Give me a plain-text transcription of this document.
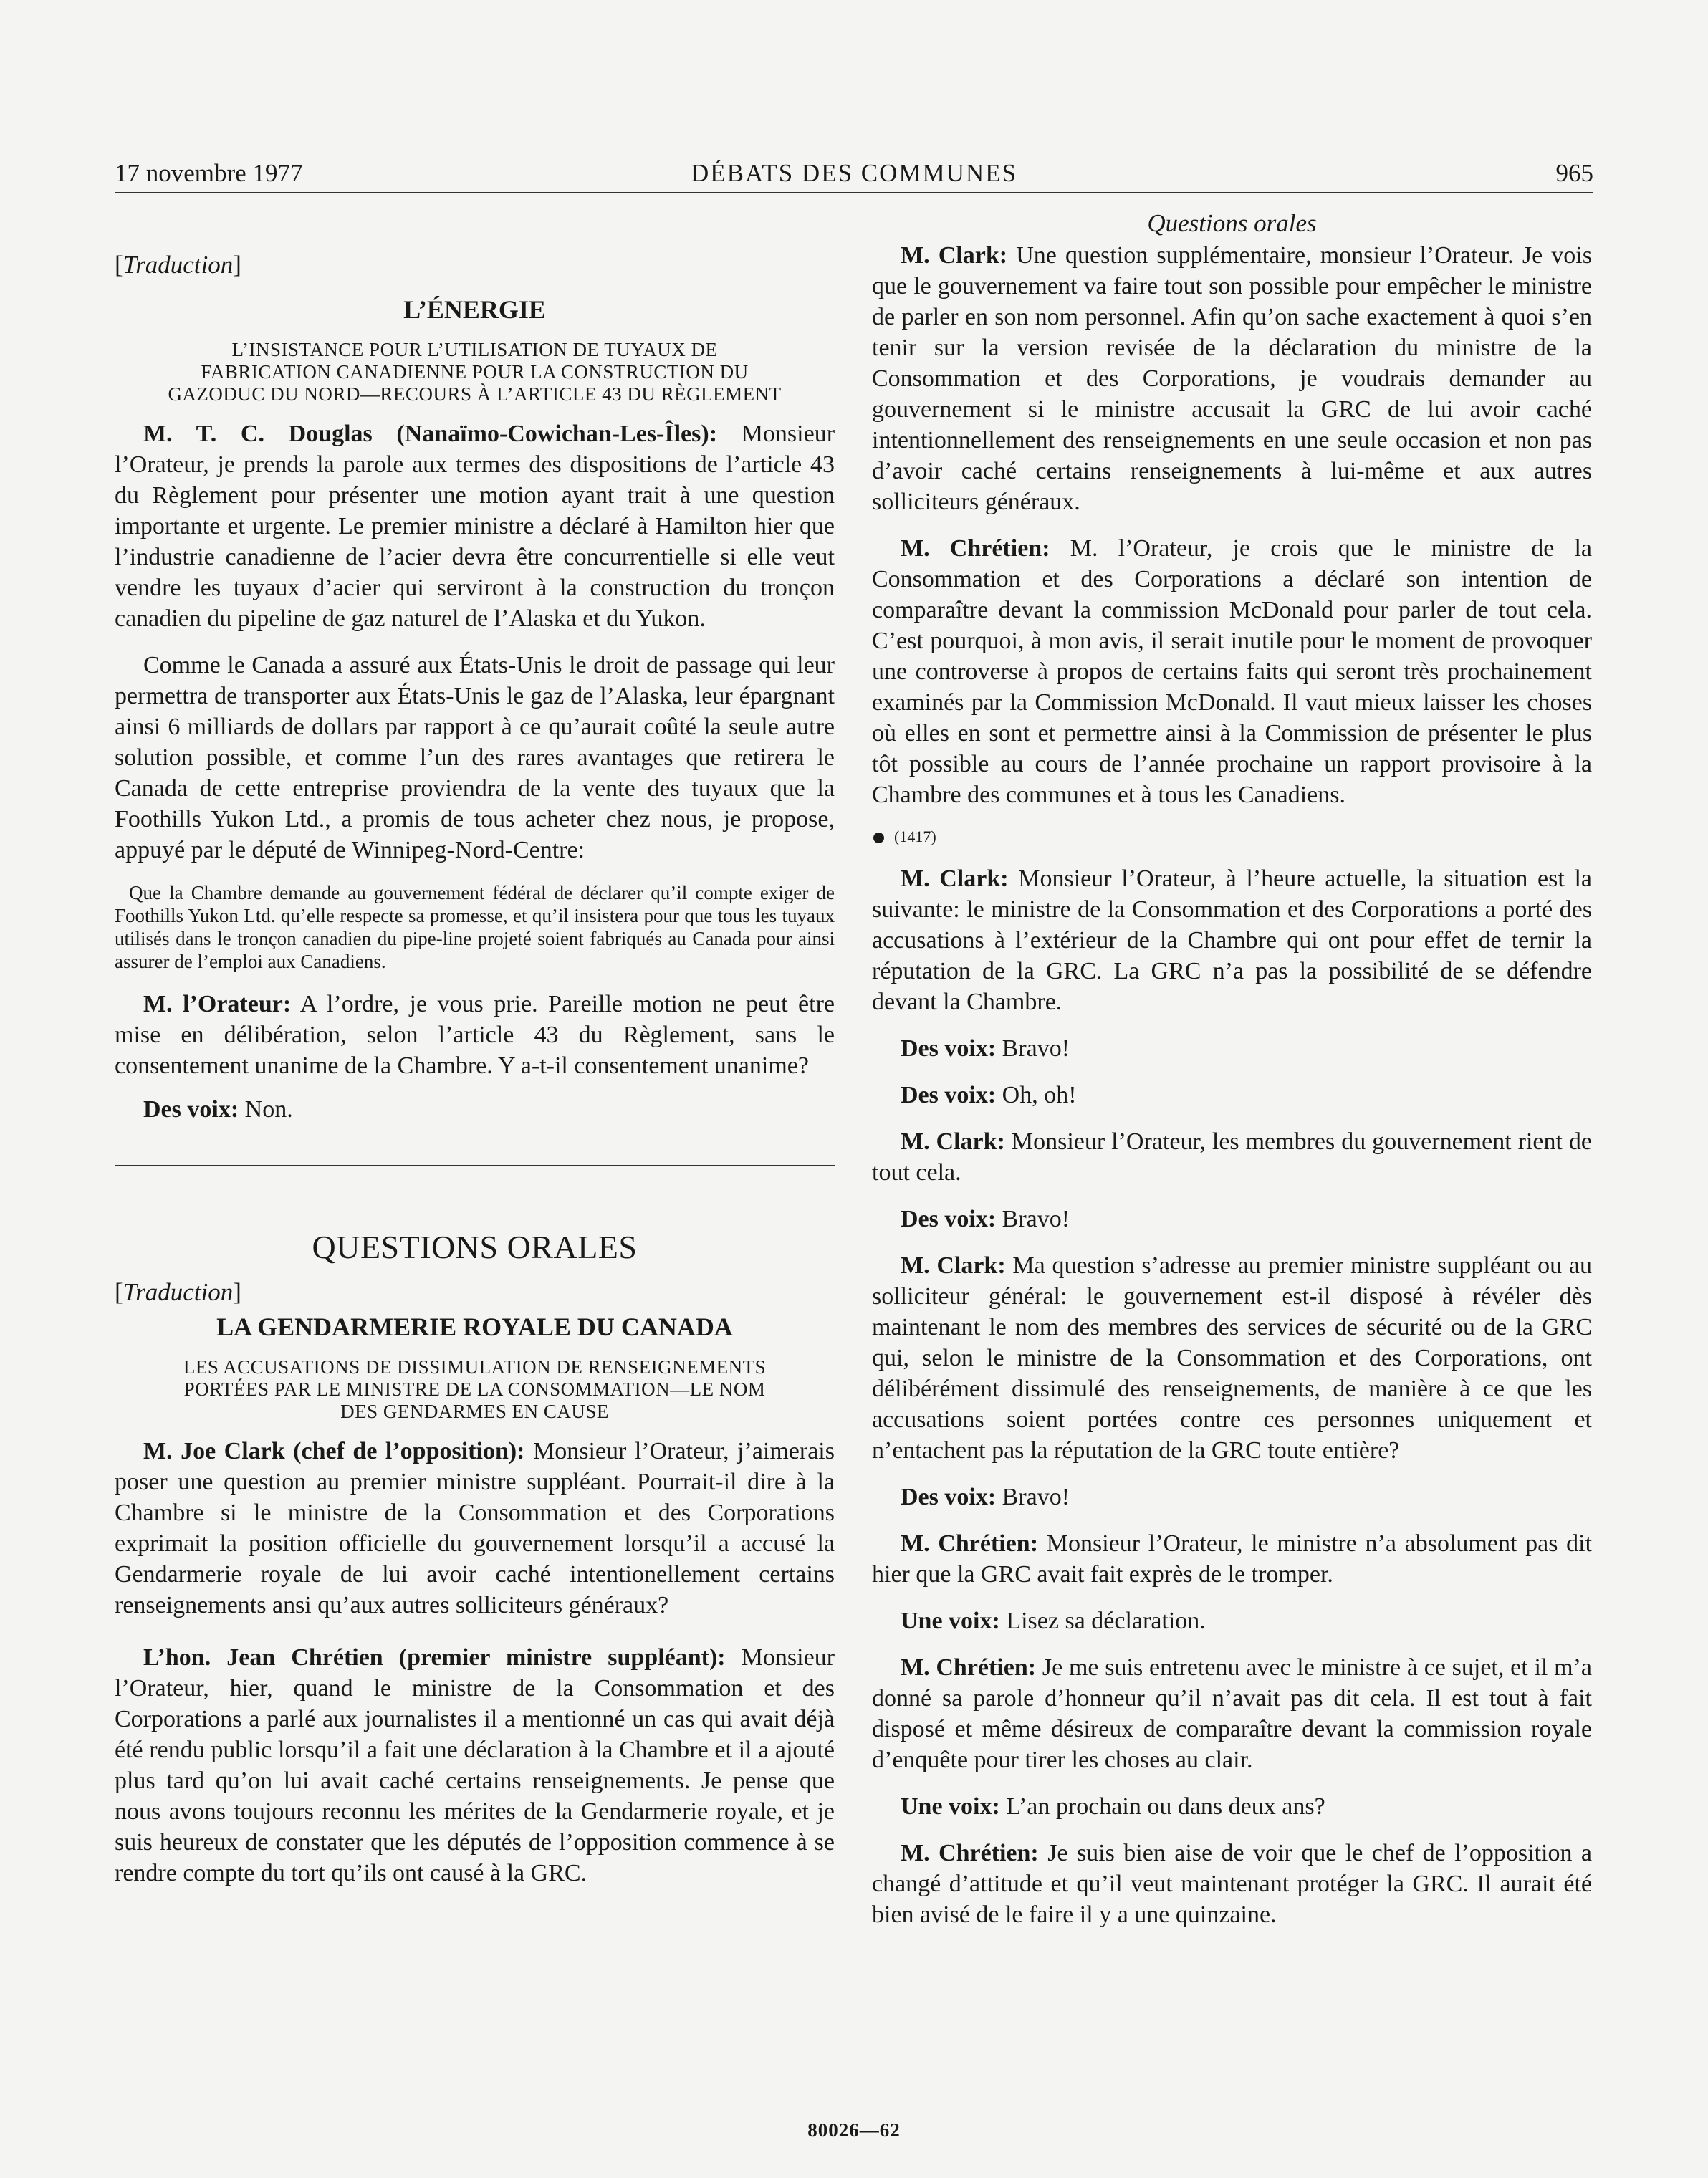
17 novembre 1977	DÉBATS DES COMMUNES	965
[Traduction]
L’ÉNERGIE
L’INSISTANCE POUR L’UTILISATION DE TUYAUX DE
FABRICATION CANADIENNE POUR LA CONSTRUCTION DU
GAZODUC DU NORD—RECOURS À L’ARTICLE 43 DU RÈGLEMENT

M. T. C. Douglas (Nanaïmo-Cowichan-Les-Îles): Monsieur l’Orateur, je prends la parole aux termes des dispositions de l’article 43 du Règlement pour présenter une motion ayant trait à une question importante et urgente. Le premier ministre a déclaré à Hamilton hier que l’industrie canadienne de l’acier devra être concurrentielle si elle veut vendre les tuyaux d’acier qui serviront à la construction du tronçon canadien du pipeline de gaz naturel de l’Alaska et du Yukon.

Comme le Canada a assuré aux États-Unis le droit de passage qui leur permettra de transporter aux États-Unis le gaz de l’Alaska, leur épargnant ainsi 6 milliards de dollars par rapport à ce qu’aurait coûté la seule autre solution possible, et comme l’un des rares avantages que retirera le Canada de cette entreprise proviendra de la vente des tuyaux que la Foothills Yukon Ltd., a promis de tous acheter chez nous, je propose, appuyé par le député de Winnipeg-Nord-Centre:

Que la Chambre demande au gouvernement fédéral de déclarer qu’il compte exiger de Foothills Yukon Ltd. qu’elle respecte sa promesse, et qu’il insistera pour que tous les tuyaux utilisés dans le tronçon canadien du pipe-line projeté soient fabriqués au Canada pour ainsi assurer de l’emploi aux Canadiens.

M. l’Orateur: A l’ordre, je vous prie. Pareille motion ne peut être mise en délibération, selon l’article 43 du Règlement, sans le consentement unanime de la Chambre. Y a-t-il consentement unanime?

Des voix: Non.

QUESTIONS ORALES
[Traduction]
LA GENDARMERIE ROYALE DU CANADA
LES ACCUSATIONS DE DISSIMULATION DE RENSEIGNEMENTS
PORTÉES PAR LE MINISTRE DE LA CONSOMMATION—LE NOM
DES GENDARMES EN CAUSE

M. Joe Clark (chef de l’opposition): Monsieur l’Orateur, j’aimerais poser une question au premier ministre suppléant. Pourrait-il dire à la Chambre si le ministre de la Consommation et des Corporations exprimait la position officielle du gouvernement lorsqu’il a accusé la Gendarmerie royale de lui avoir caché intentionellement certains renseignements ansi qu’aux autres solliciteurs généraux?

L’hon. Jean Chrétien (premier ministre suppléant): Monsieur l’Orateur, hier, quand le ministre de la Consommation et des Corporations a parlé aux journalistes il a mentionné un cas qui avait déjà été rendu public lorsqu’il a fait une déclaration à la Chambre et il a ajouté plus tard qu’on lui avait caché certains renseignements. Je pense que nous avons toujours reconnu les mérites de la Gendarmerie royale, et je suis heureux de constater que les députés de l’opposition commence à se rendre compte du tort qu’ils ont causé à la GRC.

Questions orales

M. Clark: Une question supplémentaire, monsieur l’Orateur. Je vois que le gouvernement va faire tout son possible pour empêcher le ministre de parler en son nom personnel. Afin qu’on sache exactement à quoi s’en tenir sur la version revisée de la déclaration du ministre de la Consommation et des Corporations, je voudrais demander au gouvernement si le ministre accusait la GRC de lui avoir caché intentionnellement des renseignements en une seule occasion et non pas d’avoir caché certains renseignements à lui-même et aux autres solliciteurs généraux.

M. Chrétien: M. l’Orateur, je crois que le ministre de la Consommation et des Corporations a déclaré son intention de comparaître devant la commission McDonald pour parler de tout cela. C’est pourquoi, à mon avis, il serait inutile pour le moment de provoquer une controverse à propos de certains faits qui seront très prochainement examinés par la Commission McDonald. Il vaut mieux laisser les choses où elles en sont et permettre ainsi à la Commission de présenter le plus tôt possible au cours de l’année prochaine un rapport provisoire à la Chambre des communes et à tous les Canadiens.

(1417)

M. Clark: Monsieur l’Orateur, à l’heure actuelle, la situation est la suivante: le ministre de la Consommation et des Corporations a porté des accusations à l’extérieur de la Chambre qui ont pour effet de ternir la réputation de la GRC. La GRC n’a pas la possibilité de se défendre devant la Chambre.

Des voix: Bravo!

Des voix: Oh, oh!

M. Clark: Monsieur l’Orateur, les membres du gouvernement rient de tout cela.

Des voix: Bravo!

M. Clark: Ma question s’adresse au premier ministre suppléant ou au solliciteur général: le gouvernement est-il disposé à révéler dès maintenant le nom des membres des services de sécurité ou de la GRC qui, selon le ministre de la Consommation et des Corporations, ont délibérément dissimulé des renseignements, de manière à ce que les accusations soient portées contre ces personnes uniquement et n’entachent pas la réputation de la GRC toute entière?

Des voix: Bravo!

M. Chrétien: Monsieur l’Orateur, le ministre n’a absolument pas dit hier que la GRC avait fait exprès de le tromper.

Une voix: Lisez sa déclaration.

M. Chrétien: Je me suis entretenu avec le ministre à ce sujet, et il m’a donné sa parole d’honneur qu’il n’avait pas dit cela. Il est tout à fait disposé et même désireux de comparaître devant la commission royale d’enquête pour tirer les choses au clair.

Une voix: L’an prochain ou dans deux ans?

M. Chrétien: Je suis bien aise de voir que le chef de l’opposition a changé d’attitude et qu’il veut maintenant protéger la GRC. Il aurait été bien avisé de le faire il y a une quinzaine.

80026—62
